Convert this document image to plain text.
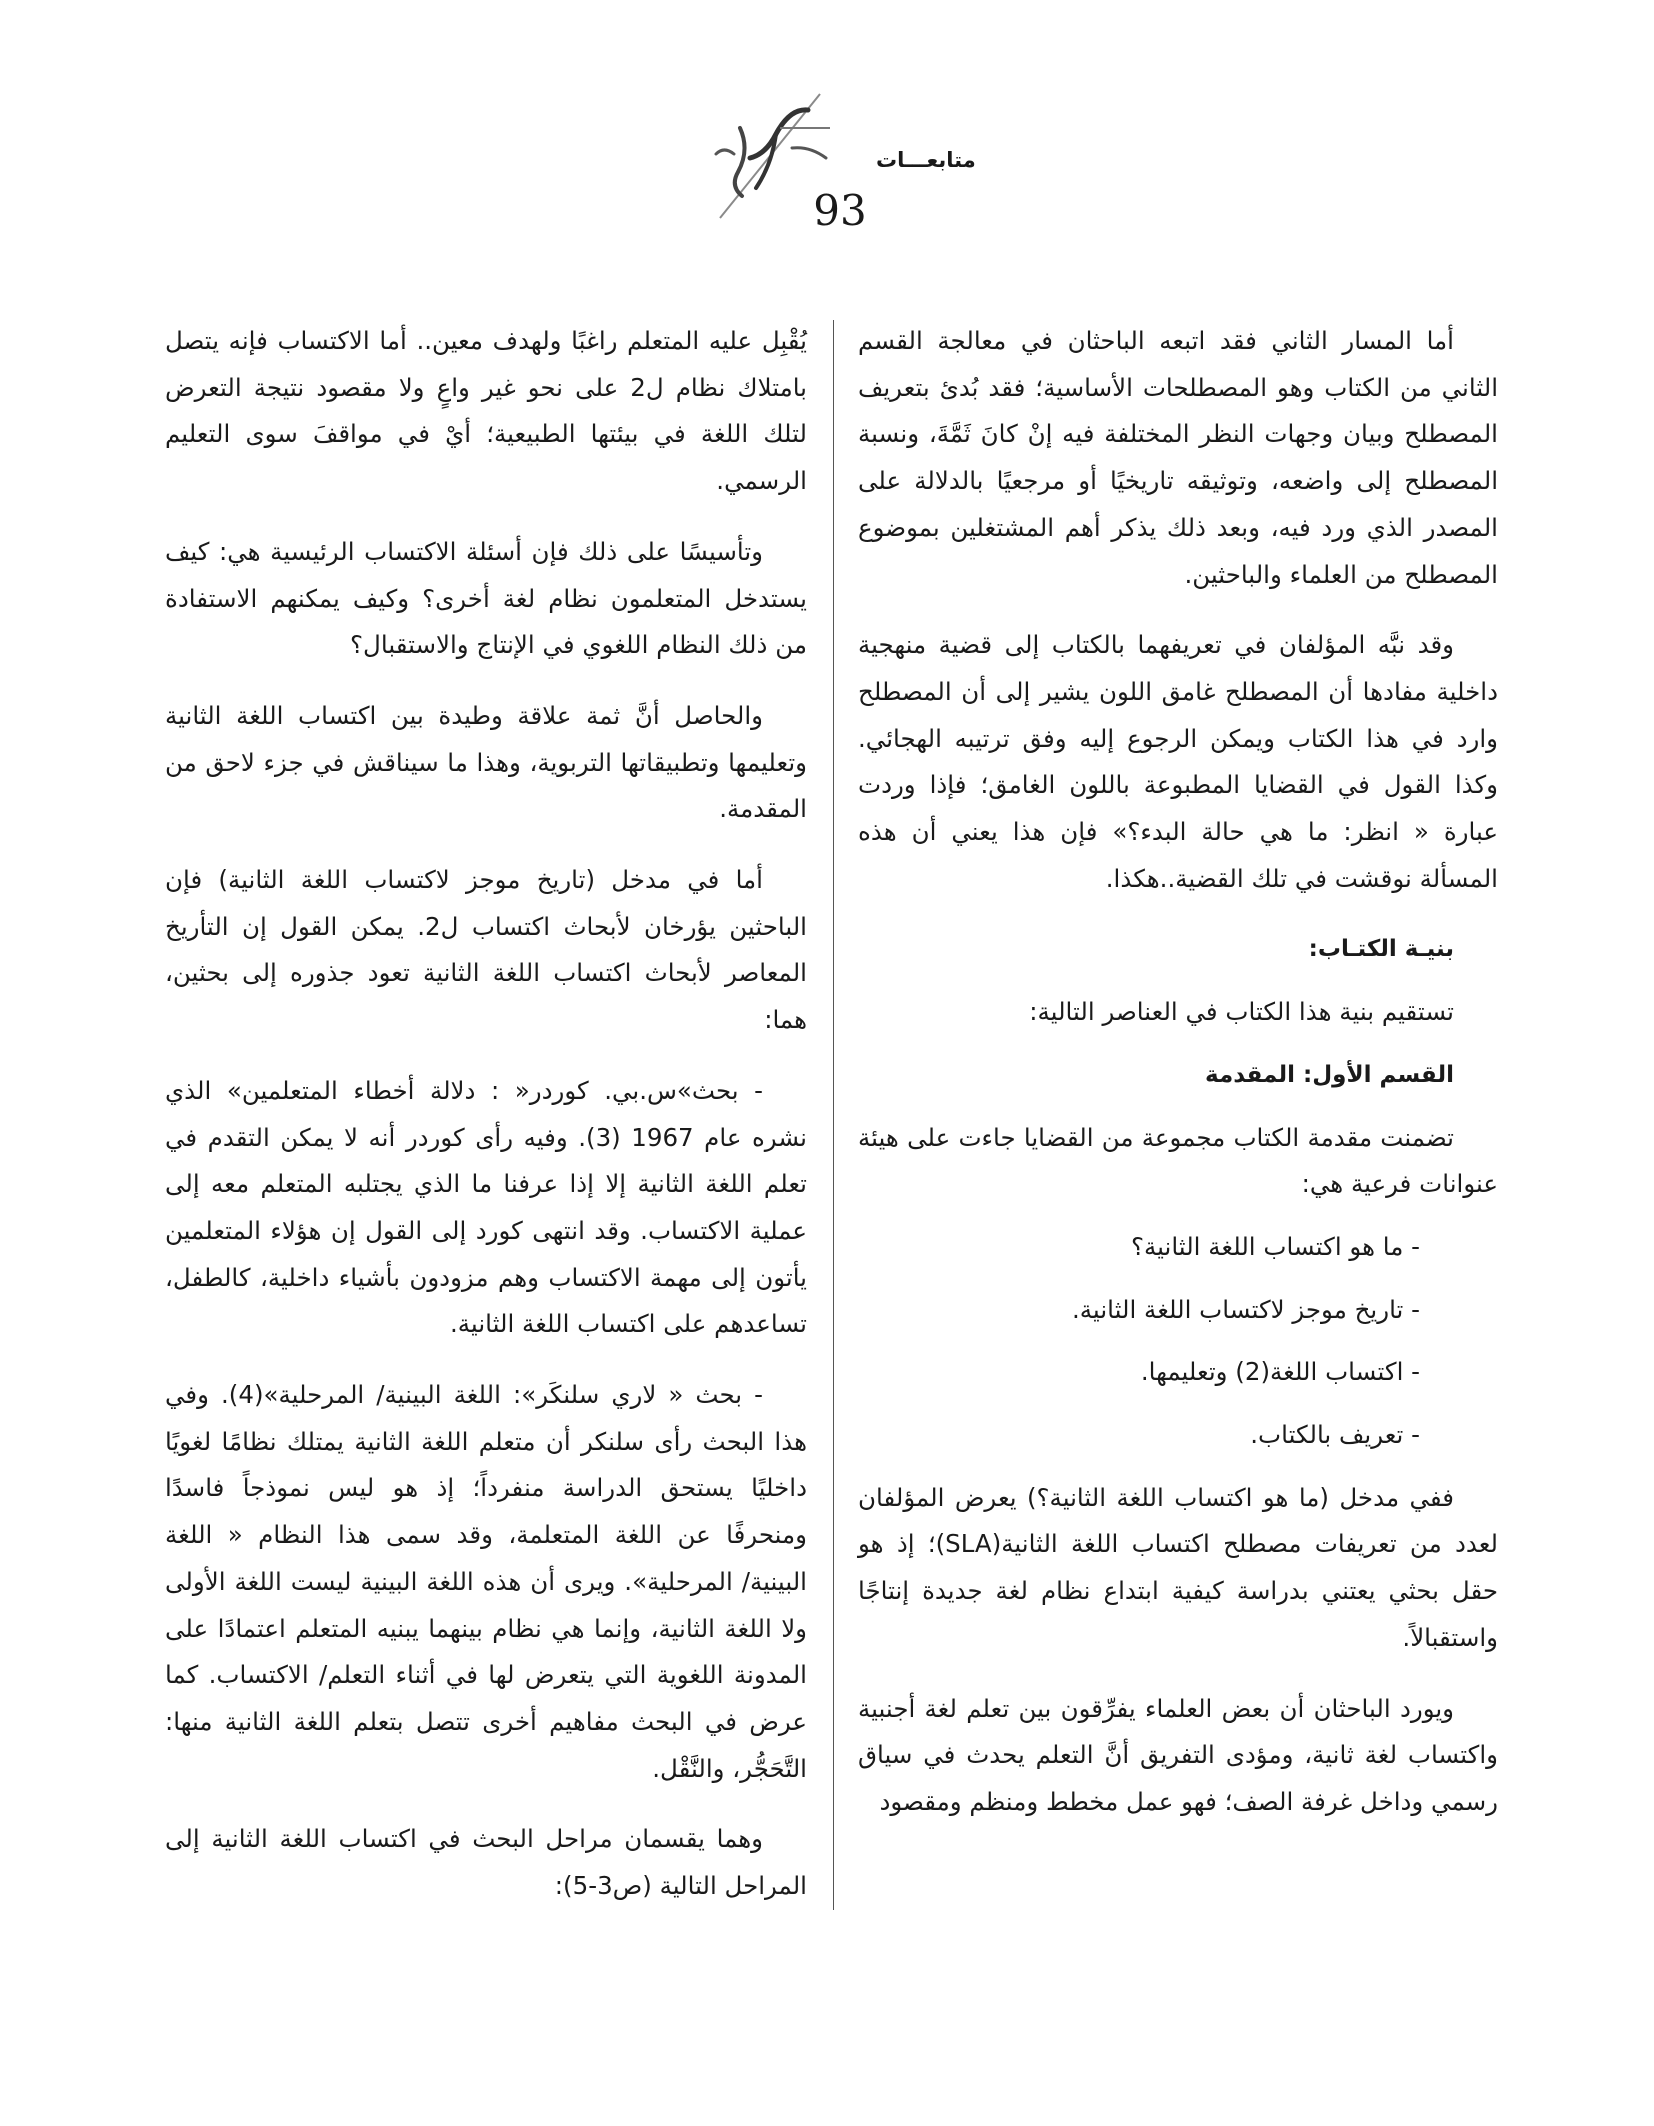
متابعـــات
93

أما المسار الثاني فقد اتبعه الباحثان في معالجة القسم الثاني من الكتاب وهو المصطلحات الأساسية؛ فقد بُدئ بتعريف المصطلح وبيان وجهات النظر المختلفة فيه إنْ كانَ ثَمَّةَ، ونسبة المصطلح إلى واضعه، وتوثيقه تاريخيًا أو مرجعيًا بالدلالة على المصدر الذي ورد فيه، وبعد ذلك يذكر أهم المشتغلين بموضوع المصطلح من العلماء والباحثين.

وقد نبَّه المؤلفان في تعريفهما بالكتاب إلى قضية منهجية داخلية مفادها أن المصطلح غامق اللون يشير إلى أن المصطلح وارد في هذا الكتاب ويمكن الرجوع إليه وفق ترتيبه الهجائي. وكذا القول في القضايا المطبوعة باللون الغامق؛ فإذا وردت عبارة « انظر: ما هي حالة البدء؟» فإن هذا يعني أن هذه المسألة نوقشت في تلك القضية..هكذا.

بنيـة الكتـاب:

تستقيم بنية هذا الكتاب في العناصر التالية:

القسم الأول: المقدمة

تضمنت مقدمة الكتاب مجموعة من القضايا جاءت على هيئة عنوانات فرعية هي:

- ما هو اكتساب اللغة الثانية؟

- تاريخ موجز لاكتساب اللغة الثانية.

- اكتساب اللغة(2) وتعليمها.

- تعريف بالكتاب.

ففي مدخل (ما هو اكتساب اللغة الثانية؟) يعرض المؤلفان لعدد من تعريفات مصطلح اكتساب اللغة الثانية(SLA)؛ إذ هو حقل بحثي يعتني بدراسة كيفية ابتداع نظام لغة جديدة إنتاجًا واستقبالاً.

ويورد الباحثان أن بعض العلماء يفرِّقون بين تعلم لغة أجنبية واكتساب لغة ثانية، ومؤدى التفريق أنَّ التعلم يحدث في سياق رسمي وداخل غرفة الصف؛ فهو عمل مخطط ومنظم ومقصود

يُقْبِل عليه المتعلم راغبًا ولهدف معين.. أما الاكتساب فإنه يتصل بامتلاك نظام ل2 على نحو غير واعٍ ولا مقصود نتيجة التعرض لتلك اللغة في بيئتها الطبيعية؛ أيْ في مواقفَ سوى التعليم الرسمي.

وتأسيسًا على ذلك فإن أسئلة الاكتساب الرئيسية هي: كيف يستدخل المتعلمون نظام لغة أخرى؟ وكيف يمكنهم الاستفادة من ذلك النظام اللغوي في الإنتاج والاستقبال؟

والحاصل أنَّ ثمة علاقة وطيدة بين اكتساب اللغة الثانية وتعليمها وتطبيقاتها التربوية، وهذا ما سيناقش في جزء لاحق من المقدمة.

أما في مدخل (تاريخ موجز لاكتساب اللغة الثانية) فإن الباحثين يؤرخان لأبحاث اكتساب ل2. يمكن القول إن التأريخ المعاصر لأبحاث اكتساب اللغة الثانية تعود جذوره إلى بحثين، هما:

- بحث»س.بي. كوردر« : دلالة أخطاء المتعلمين» الذي نشره عام 1967 (3). وفيه رأى كوردر أنه لا يمكن التقدم في تعلم اللغة الثانية إلا إذا عرفنا ما الذي يجتلبه المتعلم معه إلى عملية الاكتساب. وقد انتهى كورد إلى القول إن هؤلاء المتعلمين يأتون إلى مهمة الاكتساب وهم مزودون بأشياء داخلية، كالطفل، تساعدهم على اكتساب اللغة الثانية.

- بحث « لاري سلنكَر»: اللغة البينية/ المرحلية»(4). وفي هذا البحث رأى سلنكر أن متعلم اللغة الثانية يمتلك نظامًا لغويًا داخليًا يستحق الدراسة منفرداً؛ إذ هو ليس نموذجاً فاسدًا ومنحرفًا عن اللغة المتعلمة، وقد سمى هذا النظام « اللغة البينية/ المرحلية». ويرى أن هذه اللغة البينية ليست اللغة الأولى ولا اللغة الثانية، وإنما هي نظام بينهما يبنيه المتعلم اعتمادًا على المدونة اللغوية التي يتعرض لها في أثناء التعلم/ الاكتساب. كما عرض في البحث مفاهيم أخرى تتصل بتعلم اللغة الثانية منها: التَّحَجُّر، والنَّقْل.

وهما يقسمان مراحل البحث في اكتساب اللغة الثانية إلى المراحل التالية (ص3-5):
